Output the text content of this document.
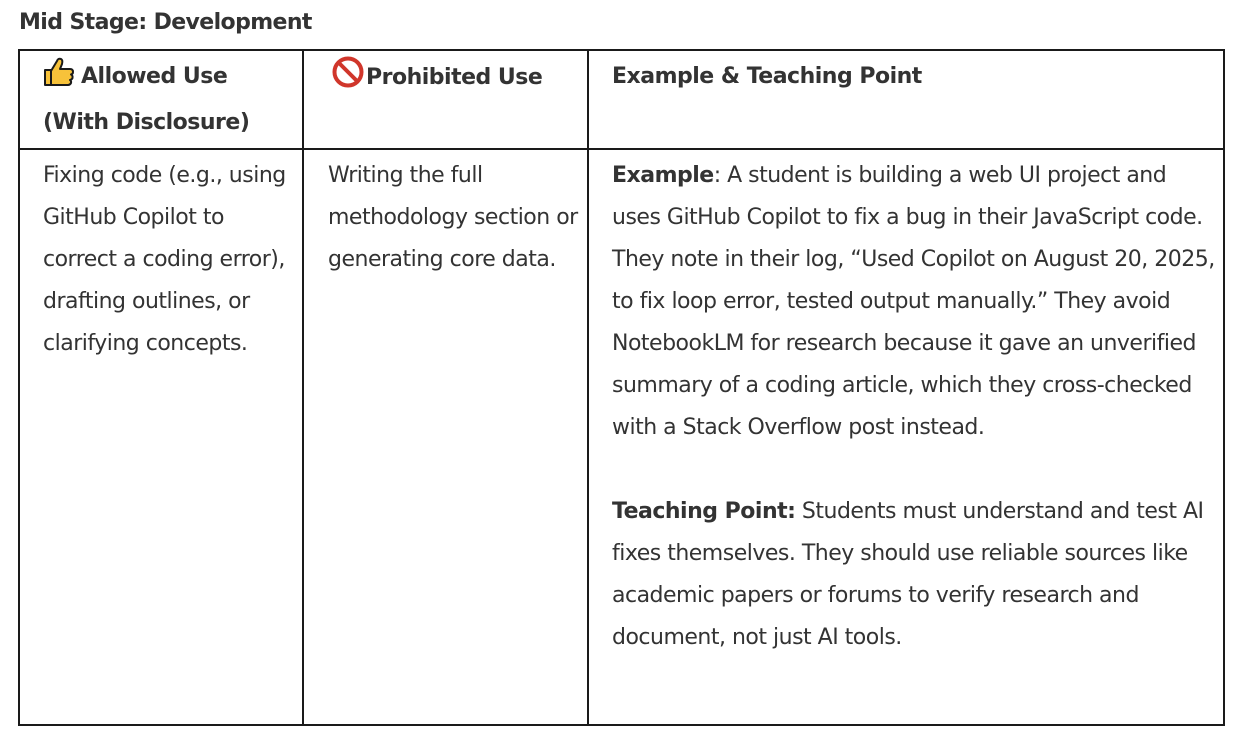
Mid Stage: Development
Allowed Use (With Disclosure)	Prohibited Use	Example & Teaching Point

Fixing code (e.g., using GitHub Copilot to correct a coding error), drafting outlines, or clarifying concepts.	Writing the full methodology section or generating core data.	Example: A student is building a web UI project and uses GitHub Copilot to fix a bug in their JavaScript code. They note in their log, “Used Copilot on August 20, 2025, to fix loop error, tested output manually.” They avoid NotebookLM for research because it gave an unverified summary of a coding article, which they cross-checked with a Stack Overflow post instead.

Teaching Point: Students must understand and test AI fixes themselves. They should use reliable sources like academic papers or forums to verify research and document, not just AI tools.
